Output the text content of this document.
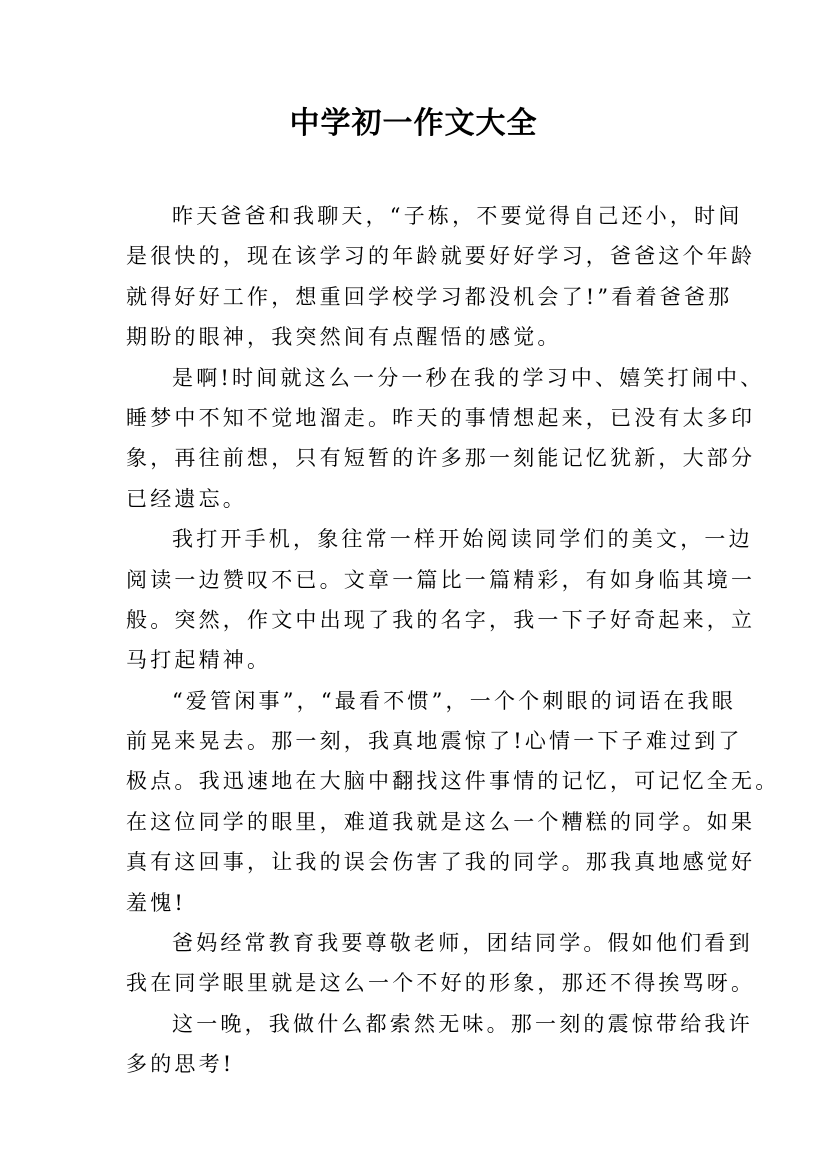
中学初一作文大全
昨天爸爸和我聊天，“子栋，不要觉得自己还小，时间
是很快的，现在该学习的年龄就要好好学习，爸爸这个年龄
就得好好工作，想重回学校学习都没机会了!”看着爸爸那
期盼的眼神，我突然间有点醒悟的感觉。
是啊!时间就这么一分一秒在我的学习中、嬉笑打闹中、
睡梦中不知不觉地溜走。昨天的事情想起来，已没有太多印
象，再往前想，只有短暂的许多那一刻能记忆犹新，大部分
已经遗忘。
我打开手机，象往常一样开始阅读同学们的美文，一边
阅读一边赞叹不已。文章一篇比一篇精彩，有如身临其境一
般。突然，作文中出现了我的名字，我一下子好奇起来，立
马打起精神。
“爱管闲事”，“最看不惯”，一个个刺眼的词语在我眼
前晃来晃去。那一刻，我真地震惊了!心情一下子难过到了
极点。我迅速地在大脑中翻找这件事情的记忆，可记忆全无。
在这位同学的眼里，难道我就是这么一个糟糕的同学。如果
真有这回事，让我的误会伤害了我的同学。那我真地感觉好
羞愧!
爸妈经常教育我要尊敬老师，团结同学。假如他们看到
我在同学眼里就是这么一个不好的形象，那还不得挨骂呀。
这一晚，我做什么都索然无味。那一刻的震惊带给我许
多的思考!
